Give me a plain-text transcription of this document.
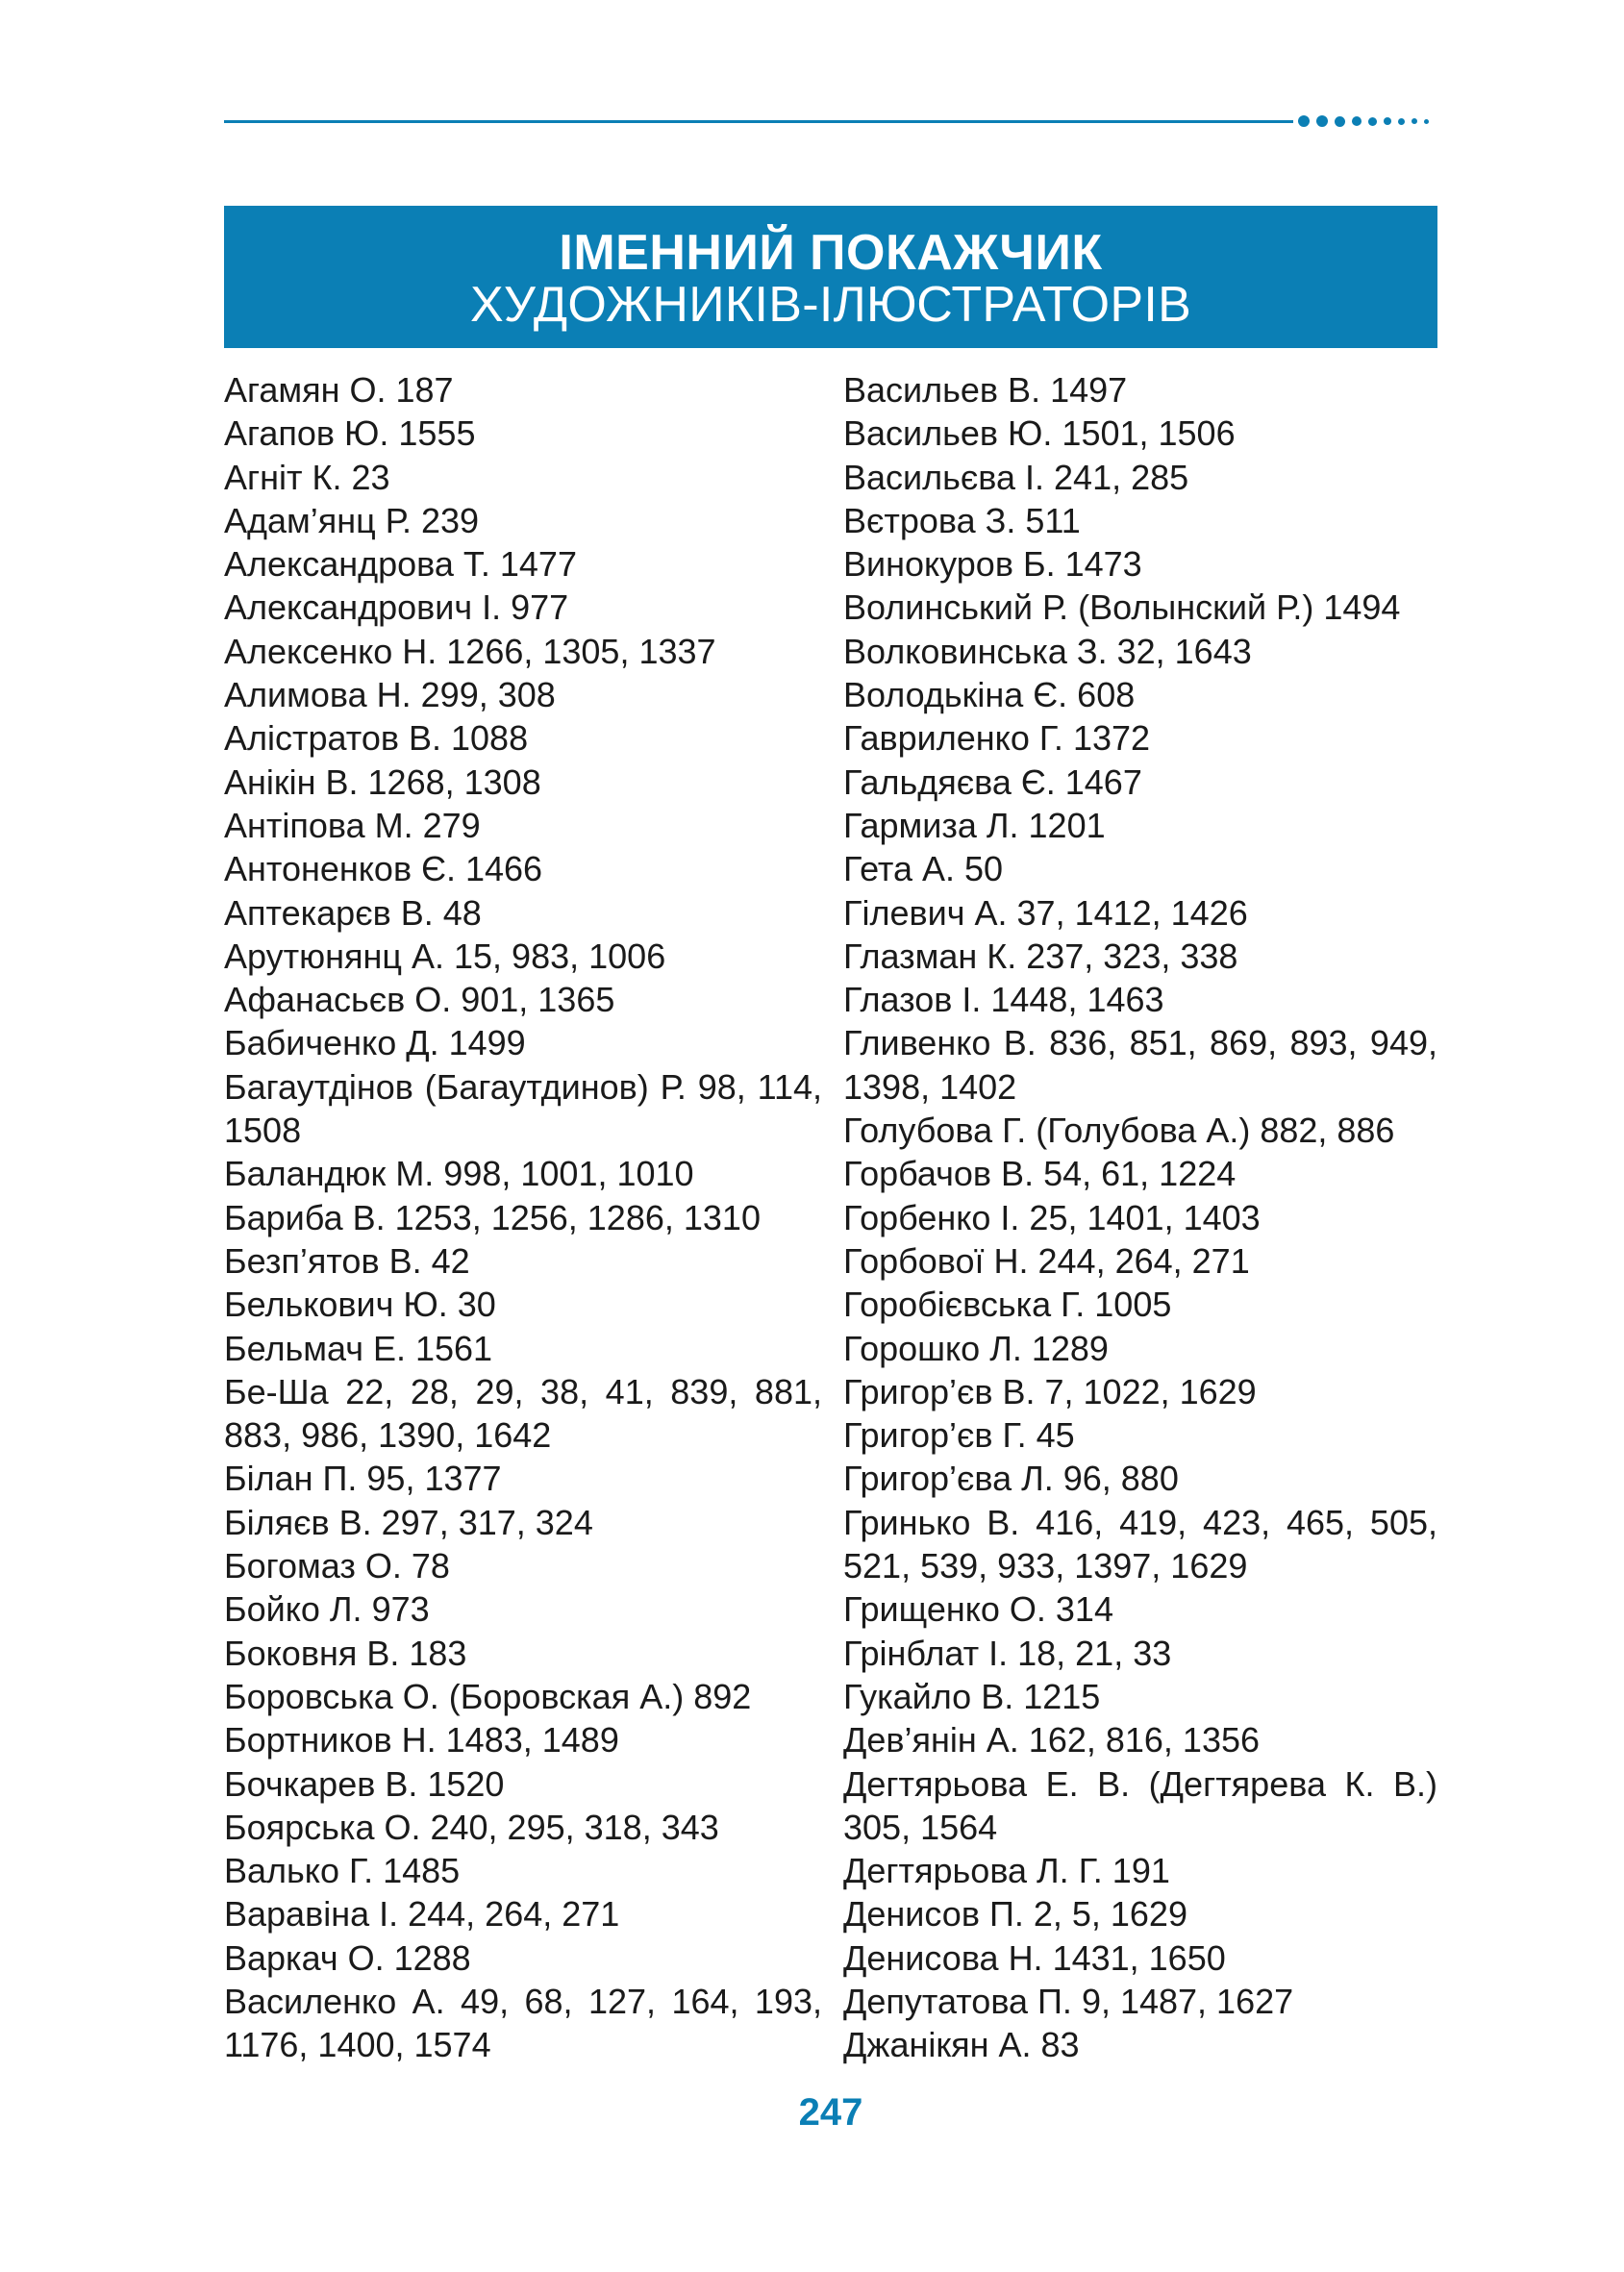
ІМЕННИЙ ПОКАЖЧИК
ХУДОЖНИКІВ-ІЛЮСТРАТОРІВ
Агамян О. 187
Агапов Ю. 1555
Агніт К. 23
Адам’янц Р. 239
Александрова Т. 1477
Александрович І. 977
Алексенко Н. 1266, 1305, 1337
Алимова Н. 299, 308
Аліcтратов В. 1088
Анікін В. 1268, 1308
Антіпова М. 279
Антоненков Є. 1466
Аптекарєв В. 48
Арутюнянц А. 15, 983, 1006
Афанасьєв О. 901, 1365
Бабиченко Д. 1499
Багаутдінов (Багаутдинов) Р. 98, 114, 1508
Баландюк М. 998, 1001, 1010
Бариба В. 1253, 1256, 1286, 1310
Безп’ятов В. 42
Белькович Ю. 30
Бельмач Е. 1561
Бе-Ша 22, 28, 29, 38, 41, 839, 881, 883, 986, 1390, 1642
Білан П. 95, 1377
Біляєв В. 297, 317, 324
Богомаз О. 78
Бойко Л. 973
Боковня В. 183
Боровська О. (Боровская А.) 892
Бортников Н. 1483, 1489
Бочкарев В. 1520
Боярська О. 240, 295, 318, 343
Валько Г. 1485
Варавіна І. 244, 264, 271
Варкач О. 1288
Василенко А. 49, 68, 127, 164, 193, 1176, 1400, 1574
Васильев В. 1497
Васильев Ю. 1501, 1506
Васильєва І. 241, 285
Вєтрова З. 511
Винокуров Б. 1473
Волинський Р. (Волынский Р.) 1494
Волковинська З. 32, 1643
Володькіна Є. 608
Гавриленко Г. 1372
Гальдяєва Є. 1467
Гармиза Л. 1201
Гета А. 50
Гілевич А. 37, 1412, 1426
Глазман К. 237, 323, 338
Глазов І. 1448, 1463
Гливенко В. 836, 851, 869, 893, 949, 1398, 1402
Голубова Г. (Голубова А.) 882, 886
Горбачов В. 54, 61, 1224
Горбенко І. 25, 1401, 1403
Горбової Н. 244, 264, 271
Горобієвська Г. 1005
Горошко Л. 1289
Григор’єв В. 7, 1022, 1629
Григор’єв Г. 45
Григор’єва Л. 96, 880
Гринько В. 416, 419, 423, 465, 505, 521, 539, 933, 1397, 1629
Грищенко О. 314
Грінблат І. 18, 21, 33
Гукайло В. 1215
Дев’янін А. 162, 816, 1356
Дегтярьова Е. В. (Дегтярева К. В.) 305, 1564
Дегтярьова Л. Г. 191
Денисов П. 2, 5, 1629
Денисова Н. 1431, 1650
Депутатова П. 9, 1487, 1627
Джанікян А. 83
247
